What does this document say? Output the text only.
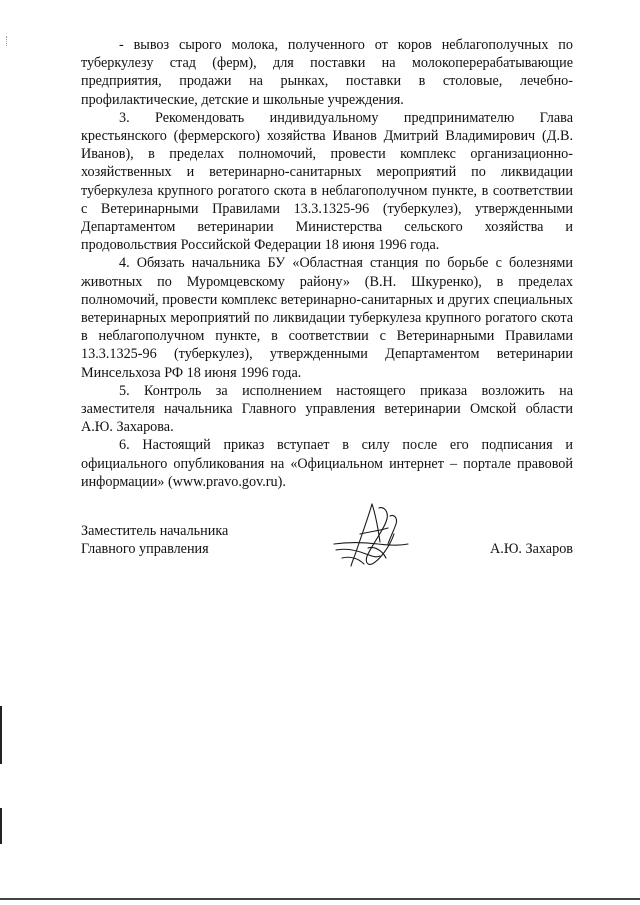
- вывоз сырого молока, полученного от коров неблагополучных по туберкулезу стад (ферм), для поставки на молокоперерабатывающие предприятия, продажи на рынках, поставки в столовые, лечебно-профилактические, детские и школьные учреждения.

3. Рекомендовать индивидуальному предпринимателю Глава крестьянского (фермерского) хозяйства Иванов Дмитрий Владимирович (Д.В. Иванов), в пределах полномочий, провести комплекс организационно-хозяйственных и ветеринарно-санитарных мероприятий по ликвидации туберкулеза крупного рогатого скота в неблагополучном пункте, в соответствии с Ветеринарными Правилами 13.3.1325-96 (туберкулез), утвержденными Департаментом ветеринарии Министерства сельского хозяйства и продовольствия Российской Федерации 18 июня 1996 года.

4. Обязать начальника БУ «Областная станция по борьбе с болезнями животных по Муромцевскому району» (В.Н. Шкуренко), в пределах полномочий, провести комплекс ветеринарно-санитарных и других специальных ветеринарных мероприятий по ликвидации туберкулеза крупного рогатого скота в неблагополучном пункте, в соответствии с Ветеринарными Правилами 13.3.1325-96 (туберкулез), утвержденными Департаментом ветеринарии Минсельхоза РФ 18 июня 1996 года.

5. Контроль за исполнением настоящего приказа возложить на заместителя начальника Главного управления ветеринарии Омской области А.Ю. Захарова.

6. Настоящий приказ вступает в силу после его подписания и официального опубликования на «Официальном интернет – портале правовой информации» (www.pravo.gov.ru).

Заместитель начальника
Главного управления	А.Ю. Захаров
